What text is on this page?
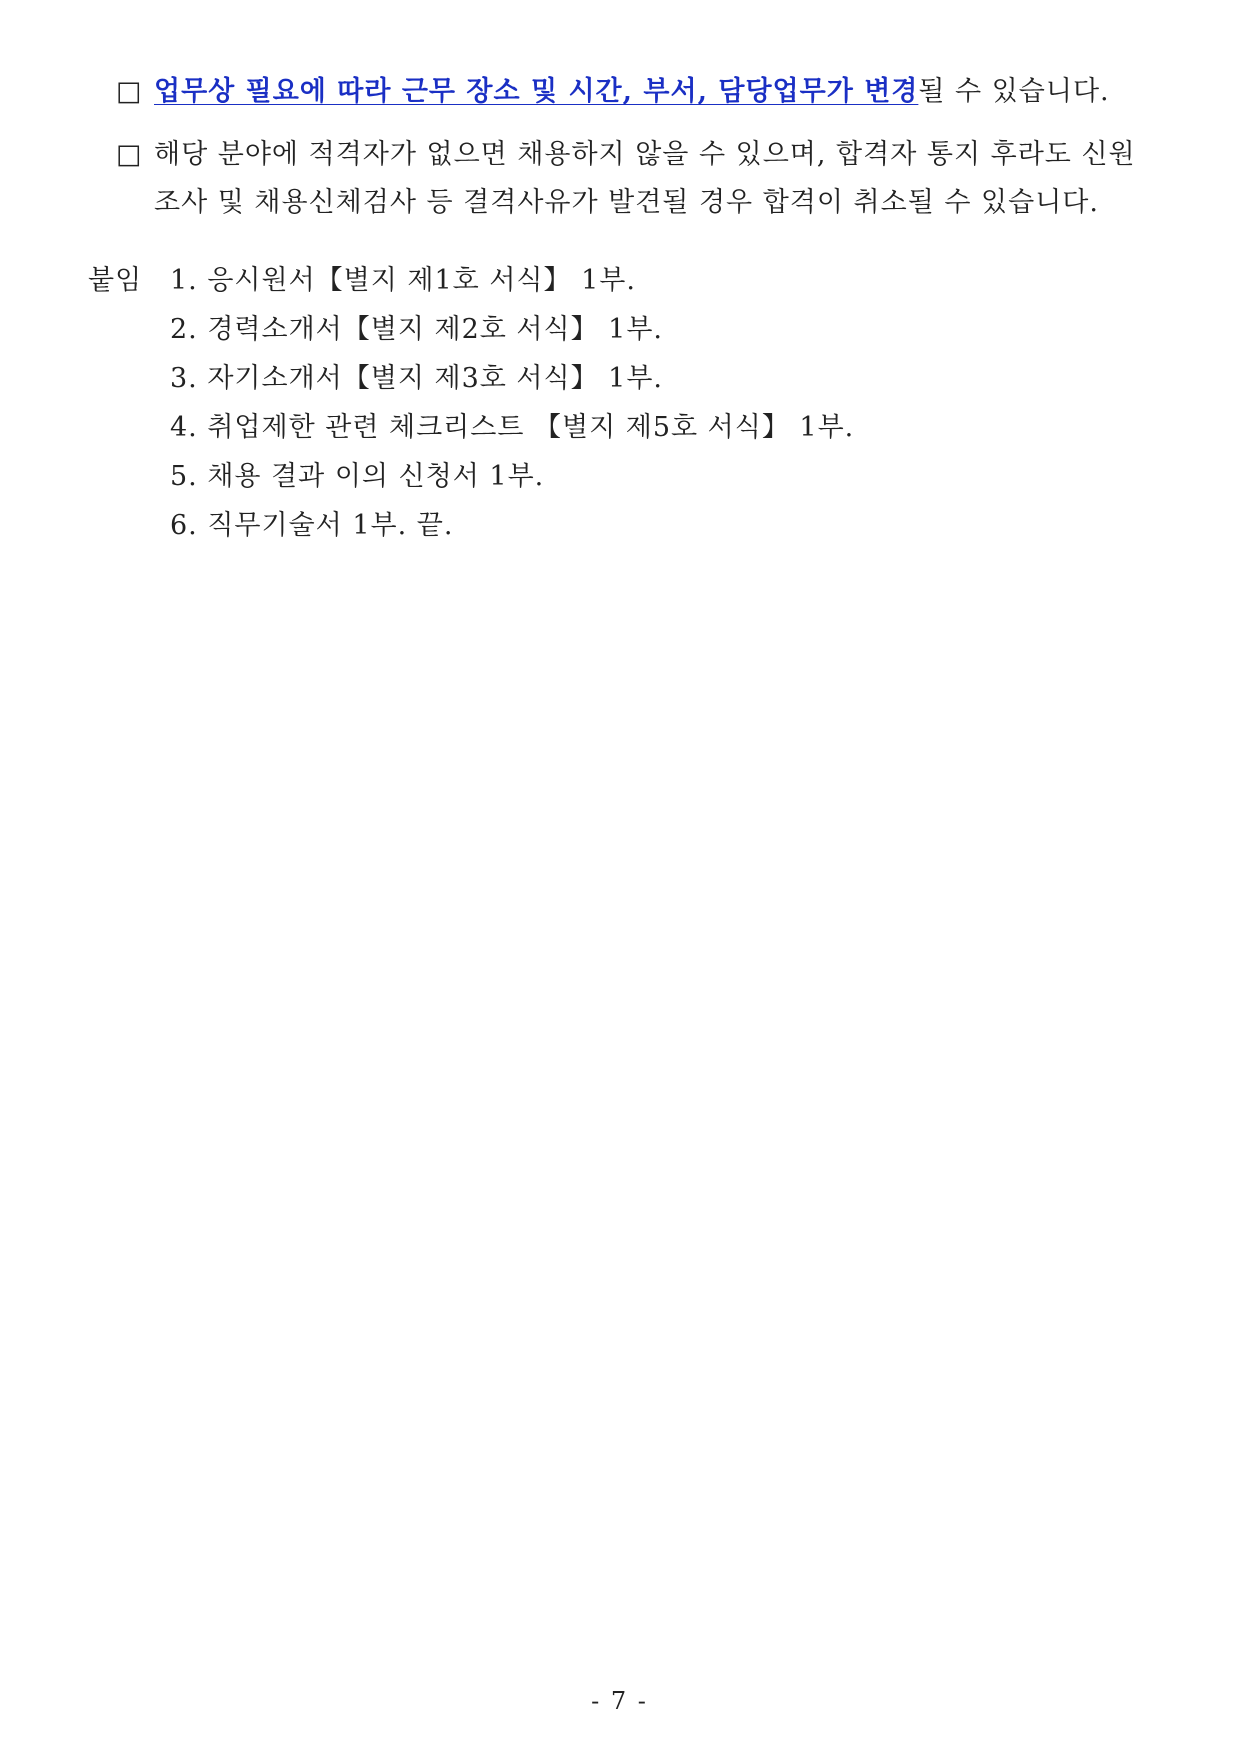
□ 업무상 필요에 따라 근무 장소 및 시간, 부서, 담당업무가 변경될 수 있습니다.
□ 해당 분야에 적격자가 없으면 채용하지 않을 수 있으며, 합격자 통지 후라도 신원
조사 및 채용신체검사 등 결격사유가 발견될 경우 합격이 취소될 수 있습니다.
붙임 1. 응시원서【별지 제1호 서식】 1부.
2. 경력소개서【별지 제2호 서식】 1부.
3. 자기소개서【별지 제3호 서식】 1부.
4. 취업제한 관련 체크리스트 【별지 제5호 서식】 1부.
5. 채용 결과 이의 신청서 1부.
6. 직무기술서 1부. 끝.
- 7 -
